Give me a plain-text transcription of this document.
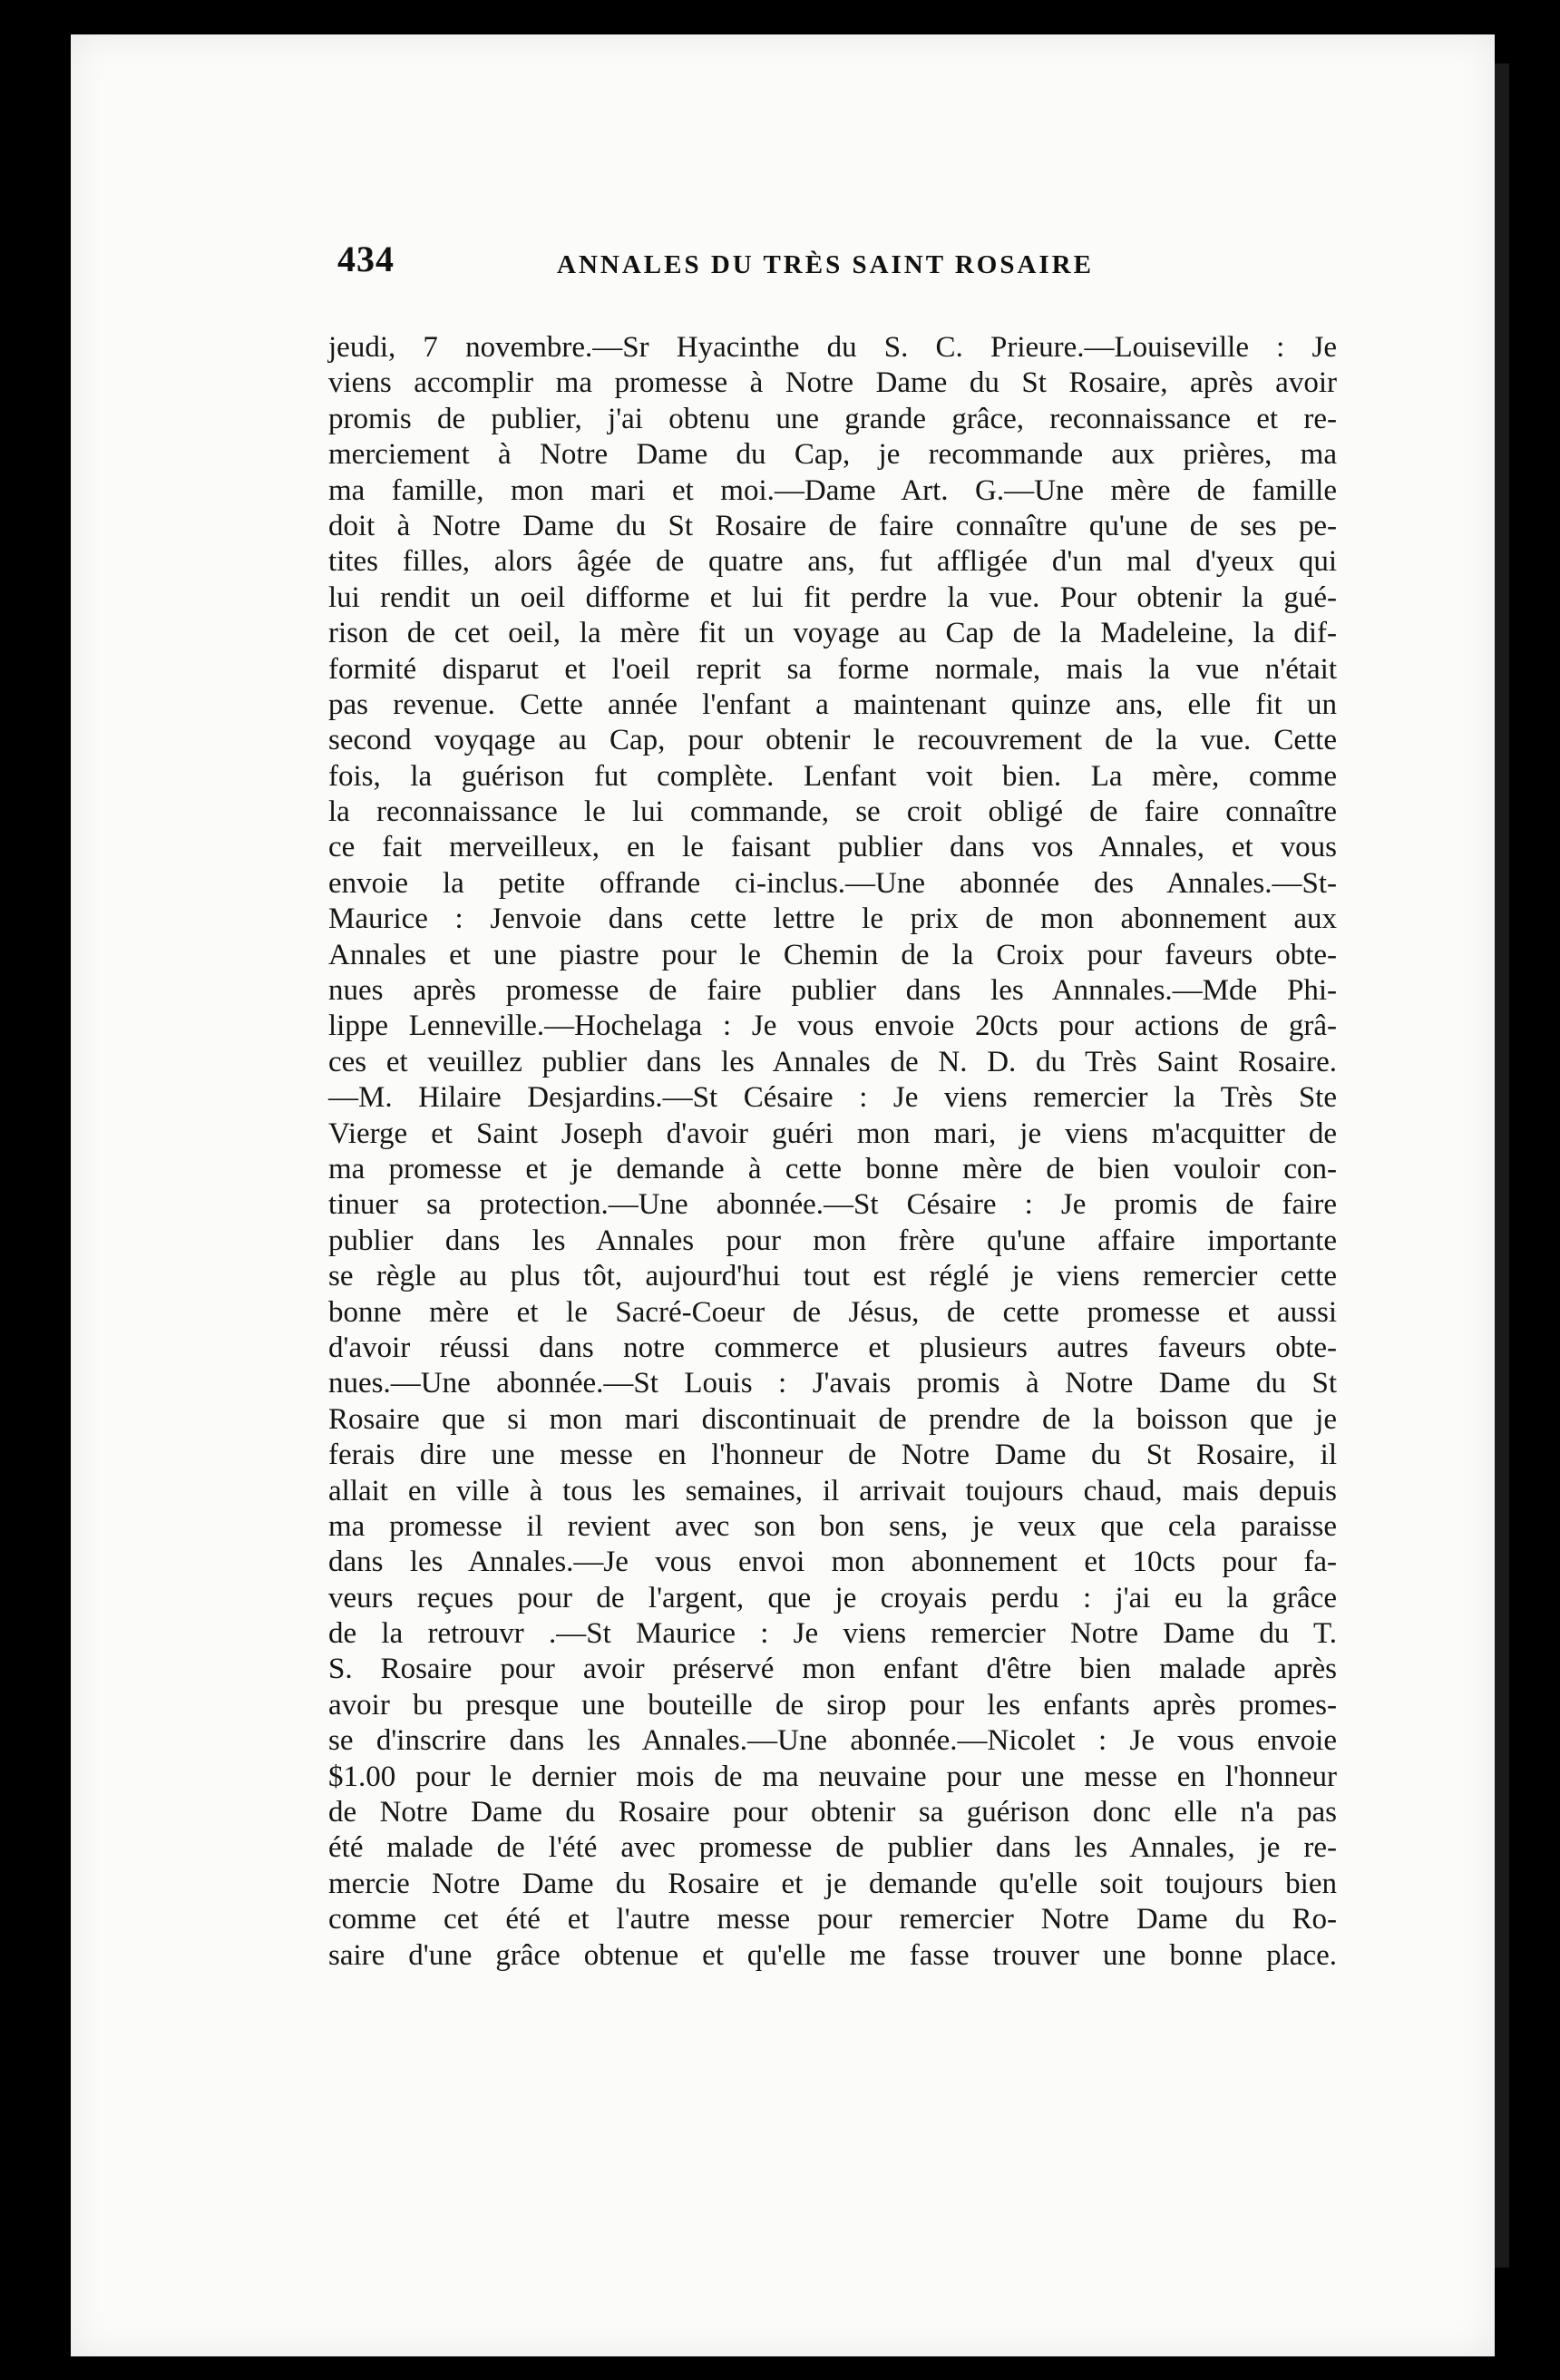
434	ANNALES DU TRÈS SAINT ROSAIRE
jeudi, 7 novembre.—Sr Hyacinthe du S. C. Prieure.—Louiseville : Je
viens accomplir ma promesse à Notre Dame du St Rosaire, après avoir
promis de publier, j'ai obtenu une grande grâce, reconnaissance et re-
merciement à Notre Dame du Cap, je recommande aux prières, ma
ma famille, mon mari et moi.—Dame Art. G.—Une mère de famille
doit à Notre Dame du St Rosaire de faire connaître qu'une de ses pe-
tites filles, alors âgée de quatre ans, fut affligée d'un mal d'yeux qui
lui rendit un oeil difforme et lui fit perdre la vue. Pour obtenir la gué-
rison de cet oeil, la mère fit un voyage au Cap de la Madeleine, la dif-
formité disparut et l'oeil reprit sa forme normale, mais la vue n'était
pas revenue. Cette année l'enfant a maintenant quinze ans, elle fit un
second voyqage au Cap, pour obtenir le recouvrement de la vue. Cette
fois, la guérison fut complète. Lenfant voit bien. La mère, comme
la reconnaissance le lui commande, se croit obligé de faire connaître
ce fait merveilleux, en le faisant publier dans vos Annales, et vous
envoie la petite offrande ci-inclus.—Une abonnée des Annales.—St-
Maurice : Jenvoie dans cette lettre le prix de mon abonnement aux
Annales et une piastre pour le Chemin de la Croix pour faveurs obte-
nues après promesse de faire publier dans les Annnales.—Mde Phi-
lippe Lenneville.—Hochelaga : Je vous envoie 20cts pour actions de grâ-
ces et veuillez publier dans les Annales de N. D. du Très Saint Rosaire.
—M. Hilaire Desjardins.—St Césaire : Je viens remercier la Très Ste
Vierge et Saint Joseph d'avoir guéri mon mari, je viens m'acquitter de
ma promesse et je demande à cette bonne mère de bien vouloir con-
tinuer sa protection.—Une abonnée.—St Césaire : Je promis de faire
publier dans les Annales pour mon frère qu'une affaire importante
se règle au plus tôt, aujourd'hui tout est réglé je viens remercier cette
bonne mère et le Sacré-Coeur de Jésus, de cette promesse et aussi
d'avoir réussi dans notre commerce et plusieurs autres faveurs obte-
nues.—Une abonnée.—St Louis : J'avais promis à Notre Dame du St
Rosaire que si mon mari discontinuait de prendre de la boisson que je
ferais dire une messe en l'honneur de Notre Dame du St Rosaire, il
allait en ville à tous les semaines, il arrivait toujours chaud, mais depuis
ma promesse il revient avec son bon sens, je veux que cela paraisse
dans les Annales.—Je vous envoi mon abonnement et 10cts pour fa-
veurs reçues pour de l'argent, que je croyais perdu : j'ai eu la grâce
de la retrouvr .—St Maurice : Je viens remercier Notre Dame du T.
S. Rosaire pour avoir préservé mon enfant d'être bien malade après
avoir bu presque une bouteille de sirop pour les enfants après promes-
se d'inscrire dans les Annales.—Une abonnée.—Nicolet : Je vous envoie
$1.00 pour le dernier mois de ma neuvaine pour une messe en l'honneur
de Notre Dame du Rosaire pour obtenir sa guérison donc elle n'a pas
été malade de l'été avec promesse de publier dans les Annales, je re-
mercie Notre Dame du Rosaire et je demande qu'elle soit toujours bien
comme cet été et l'autre messe pour remercier Notre Dame du Ro-
saire d'une grâce obtenue et qu'elle me fasse trouver une bonne place.
